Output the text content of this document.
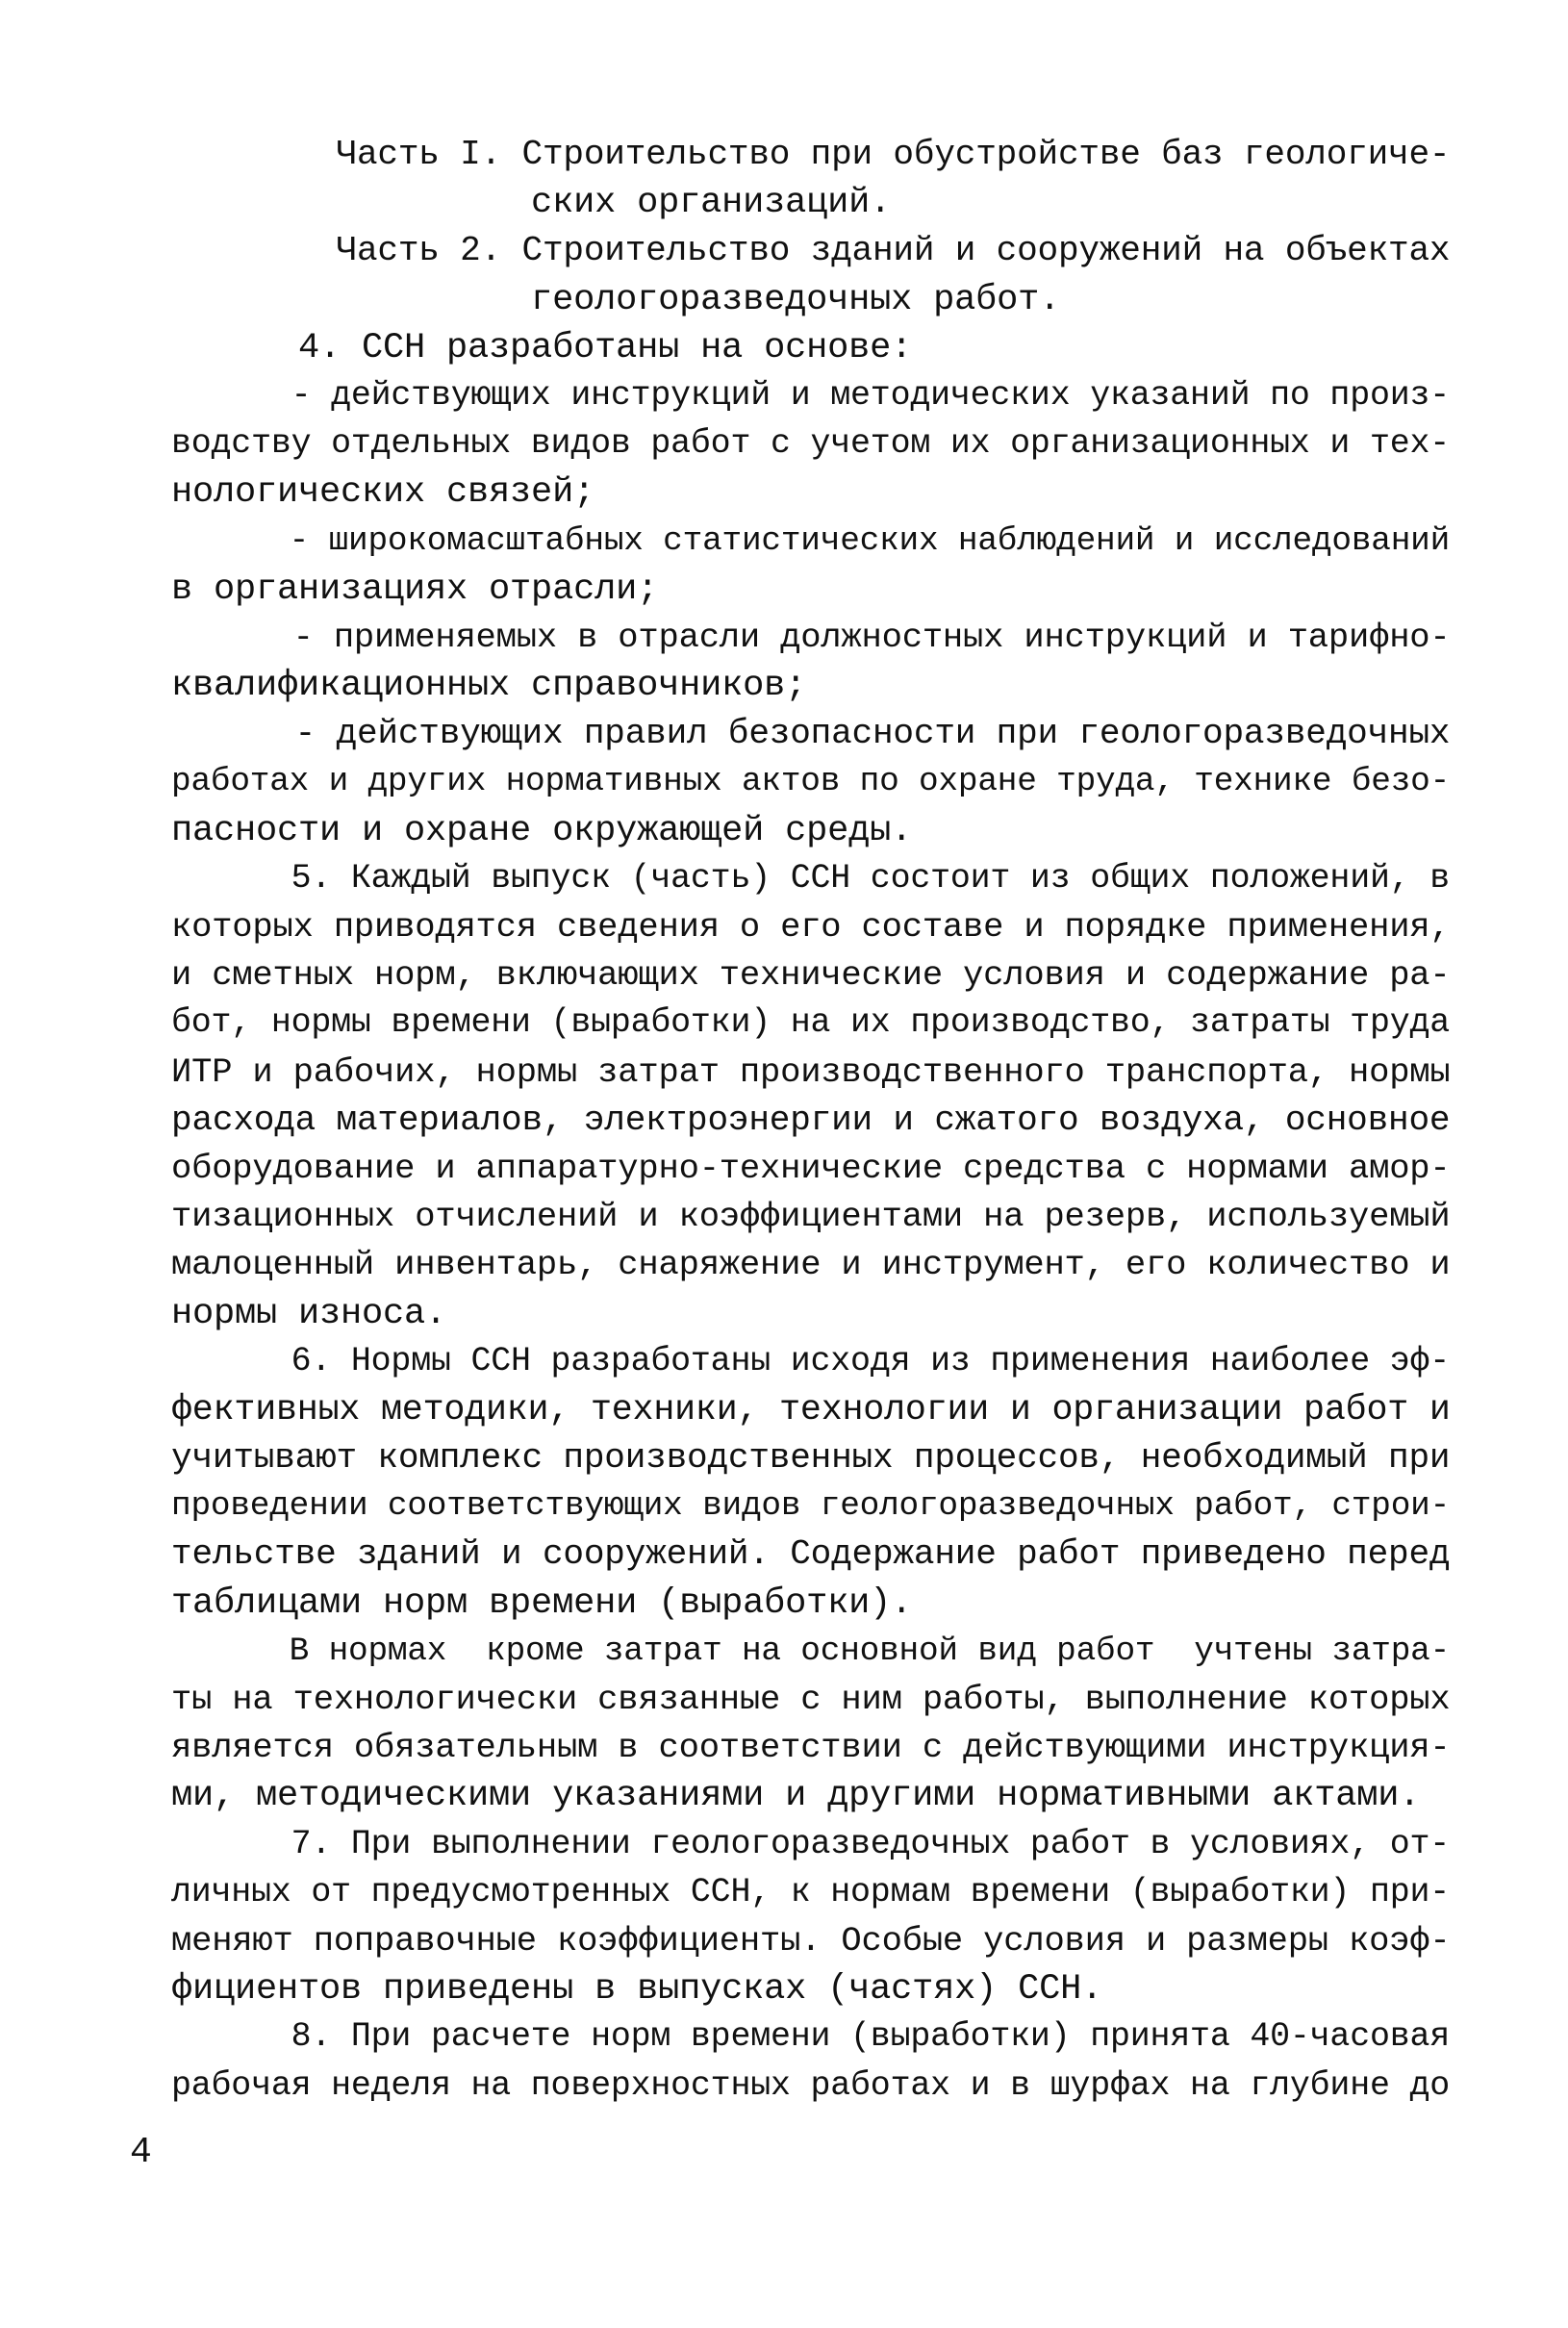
Часть I. Строительство при обустройстве баз геологиче-
ских организаций.
Часть 2. Строительство зданий и сооружений на объектах
геологоразведочных работ.
4. ССН разработаны на основе:
- действующих инструкций и методических указаний по произ-
водству отдельных видов работ с учетом их организационных и тех-
нологических связей;
- широкомасштабных статистических наблюдений и исследований
в организациях отрасли;
- применяемых в отрасли должностных инструкций и тарифно-
квалификационных справочников;
- действующих правил безопасности при геологоразведочных
работах и других нормативных актов по охране труда, технике безо-
пасности и охране окружающей среды.
5. Каждый выпуск (часть) ССН состоит из общих положений, в
которых приводятся сведения о его составе и порядке применения,
и сметных норм, включающих технические условия и содержание ра-
бот, нормы времени (выработки) на их производство, затраты труда
ИТР и рабочих, нормы затрат производственного транспорта, нормы
расхода материалов, электроэнергии и сжатого воздуха, основное
оборудование и аппаратурно-технические средства с нормами амор-
тизационных отчислений и коэффициентами на резерв, используемый
малоценный инвентарь, снаряжение и инструмент, его количество и
нормы износа.
6. Нормы ССН разработаны исходя из применения наиболее эф-
фективных методики, техники, технологии и организации работ и
учитывают комплекс производственных процессов, необходимый при
проведении соответствующих видов геологоразведочных работ, строи-
тельстве зданий и сооружений. Содержание работ приведено перед
таблицами норм времени (выработки).
В нормах  кроме затрат на основной вид работ  учтены затра-
ты на технологически связанные с ним работы, выполнение которых
является обязательным в соответствии с действующими инструкция-
ми, методическими указаниями и другими нормативными актами.
7. При выполнении геологоразведочных работ в условиях, от-
личных от предусмотренных ССН, к нормам времени (выработки) при-
меняют поправочные коэффициенты. Особые условия и размеры коэф-
фициентов приведены в выпусках (частях) ССН.
8. При расчете норм времени (выработки) принята 40-часовая
рабочая неделя на поверхностных работах и в шурфах на глубине до
4
